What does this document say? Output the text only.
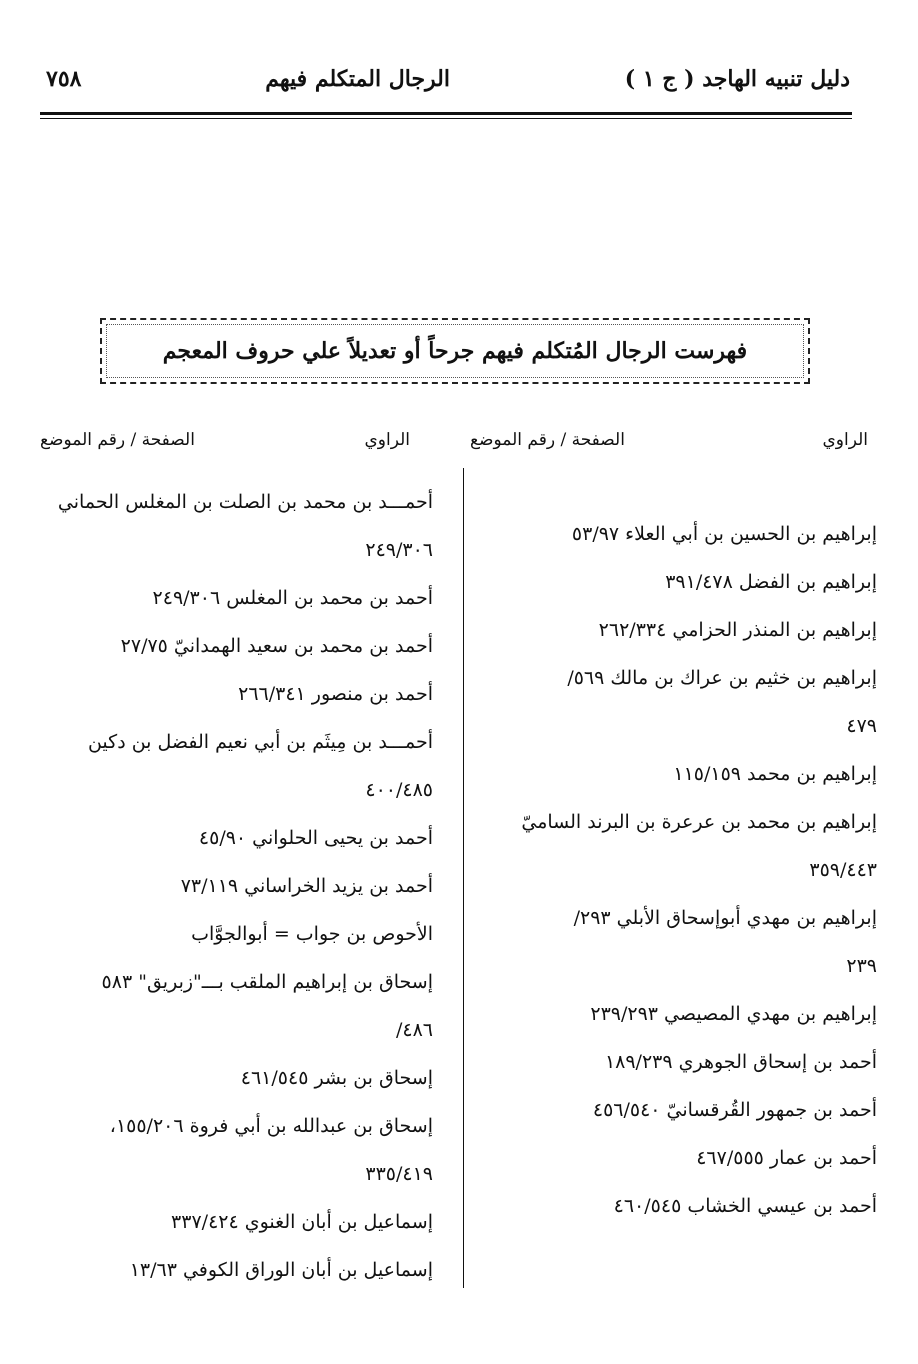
دليل تنبيه الهاجد ( ج ١ )
الرجال المتكلم فيهم
٧٥٨
فهرست الرجال المُتكلم فيهم جرحاً أو تعديلاً علي حروف المعجم
الراوي
الصفحة / رقم الموضع
الراوي
الصفحة / رقم الموضع
إبراهيم بن الحسين بن أبي العلاء ٥٣/٩٧
إبراهيم بن الفضل ٣٩١/٤٧٨
إبراهيم بن المنذر الحزامي ٢٦٢/٣٣٤
إبراهيم بن خثيم بن عراك بن مالك ٥٦٩/
٤٧٩
إبراهيم بن محمد ١١٥/١٥٩
إبراهيم بن محمد بن عرعرة بن البرند الساميّ
٣٥٩/٤٤٣
إبراهيم بن مهدي أبوإسحاق الأبلي ٢٩٣/
٢٣٩
إبراهيم بن مهدي المصيصي ٢٣٩/٢٩٣
أحمد بن إسحاق الجوهري ١٨٩/٢٣٩
أحمد بن جمهور القُرقسانيّ ٤٥٦/٥٤٠
أحمد بن عمار ٤٦٧/٥٥٥
أحمد بن عيسي الخشاب ٤٦٠/٥٤٥
أحمـــد بن محمد بن الصلت بن المغلس الحماني
٢٤٩/٣٠٦
أحمد بن محمد بن المغلس ٢٤٩/٣٠٦
أحمد بن محمد بن سعيد الهمدانيّ ٢٧/٧٥
أحمد بن منصور ٢٦٦/٣٤١
أحمـــد بن مِيثَم بن أبي نعيم الفضل بن دكين
٤٠٠/٤٨٥
أحمد بن يحيى الحلواني ٤٥/٩٠
أحمد بن يزيد الخراساني ٧٣/١١٩
الأحوص بن جواب = أبوالجوَّاب
إسحاق بن إبراهيم الملقب بـــ"زبريق" ٥٨٣
٤٨٦/
إسحاق بن بشر ٤٦١/٥٤٥
إسحاق بن عبدالله بن أبي فروة ١٥٥/٢٠٦،
٣٣٥/٤١٩
إسماعيل بن أبان الغنوي ٣٣٧/٤٢٤
إسماعيل بن أبان الوراق الكوفي ١٣/٦٣
